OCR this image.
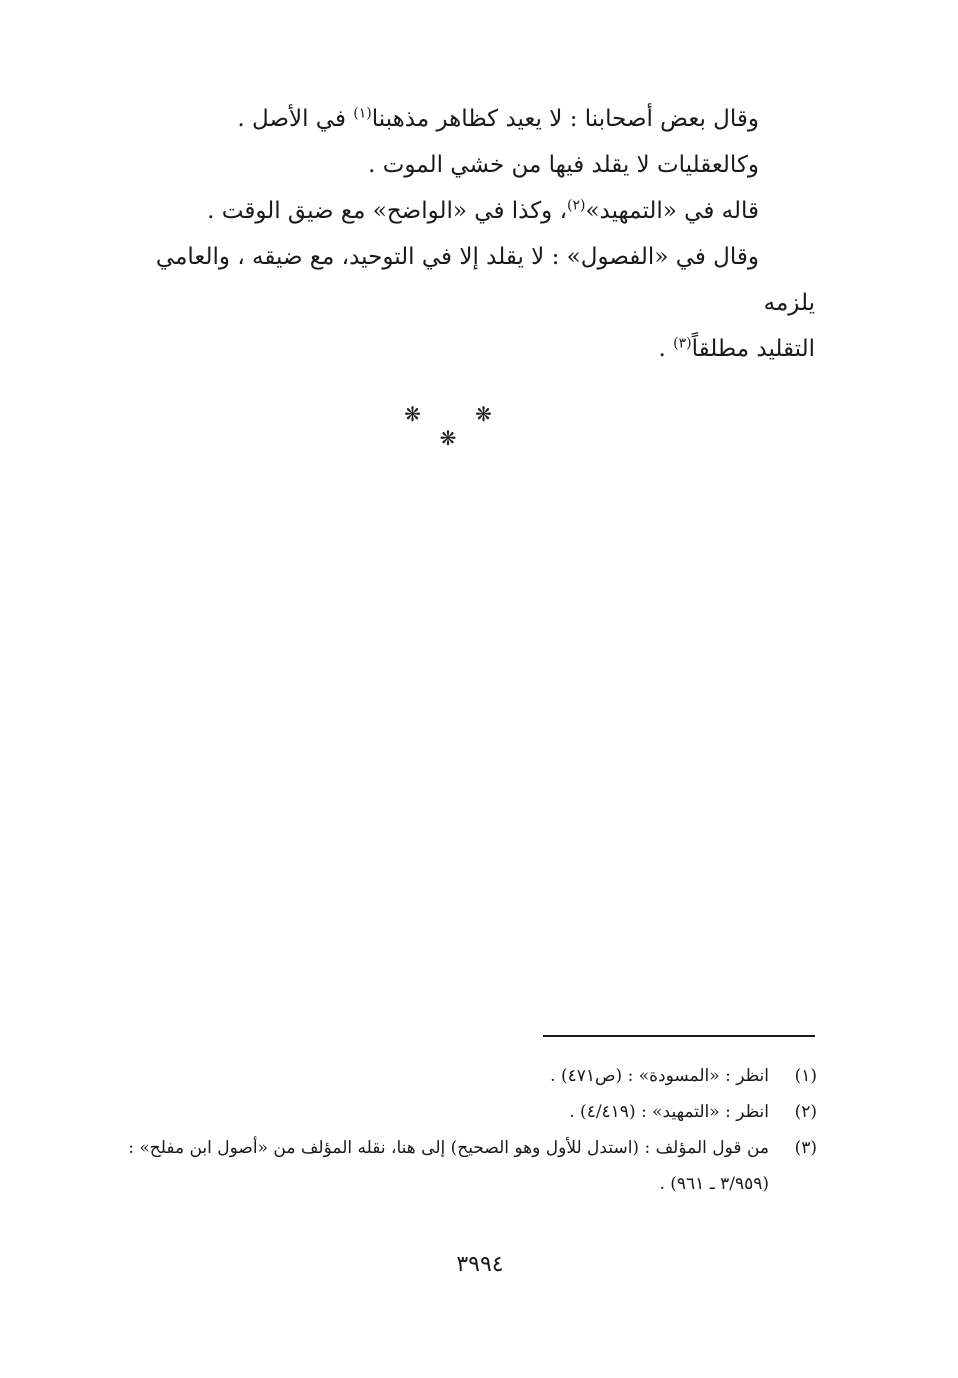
وقال بعض أصحابنا : لا يعيد كظاهر مذهبنا$^{(١)}$ في الأصل .

وكالعقليات لا يقلد فيها من خشي الموت .

قاله في «التمهيد»$^{(٢)}$، وكذا في «الواضح» مع ضيق الوقت .

وقال في «الفصول» : لا يقلد إلا في التوحيد، مع ضيقه ، والعامي يلزمه

التقليد مطلقاً$^{(٣)}$ .

❋ ❋ ❋
(١)
انظر : «المسودة» : (ص٤٧١) .
(٢)
انظر : «التمهيد» : (٤/٤١٩) .
(٣)
من قول المؤلف : (استدل للأول وهو الصحيح) إلى هنا، نقله المؤلف من «أصول ابن مفلح» : (٣/٩٥٩ ـ ٩٦١) .
٣٩٩٤
